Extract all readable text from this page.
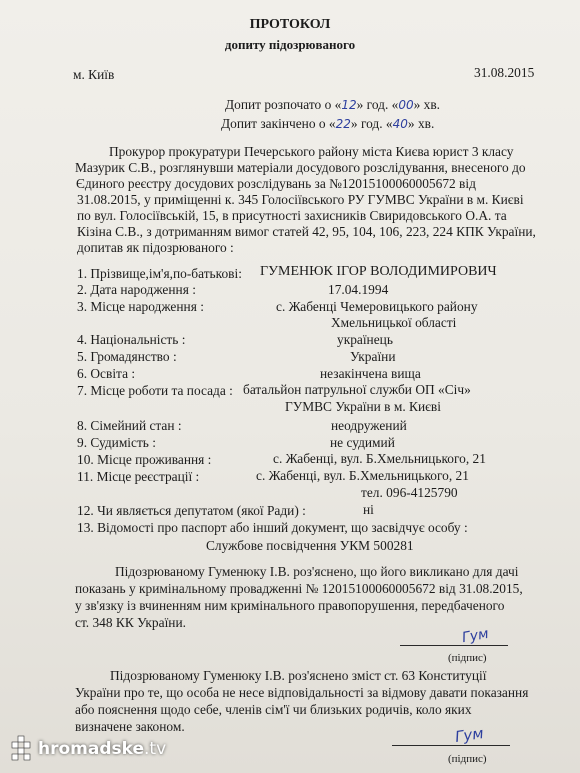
ПРОТОКОЛ
допиту підозрюваного
м. Київ	31.08.2015
Допит розпочато о «12» год. «00» хв.
Допит закінчено о «22» год. «40» хв.
Прокурор прокуратури Печерського району міста Києва юрист 3 класу
Мазурик С.В., розглянувши матеріали досудового розслідування, внесеного до
Єдиного реєстру досудових розслідувань за №12015100060005672 від
31.08.2015, у приміщенні к. 345 Голосіївського РУ ГУМВС України в м. Києві
по вул. Голосіївській, 15, в присутності захисників Свиридовського О.А. та
Кізіна С.В., з дотриманням вимог статей 42, 95, 104, 106, 223, 224 КПК України,
допитав як підозрюваного :
1. Прізвище,ім'я,по-батькові: ГУМЕНЮК ІГОР ВОЛОДИМИРОВИЧ
2. Дата народження :	17.04.1994
3. Місце народження :	с. Жабенці Чемеровицького району
Хмельницької області
4. Національність :	українець
5. Громадянство :	України
6. Освіта :	незакінчена вища
7. Місце роботи та посада : батальйон патрульної служби ОП «Січ»
ГУМВС України в м. Києві
8. Сімейний стан :	неодружений
9. Судимість :	не судимий
10. Місце проживання :	с. Жабенці, вул. Б.Хмельницького, 21
11. Місце реєстрації :	с. Жабенці, вул. Б.Хмельницького, 21
тел. 096-4125790
12. Чи являється депутатом (якої Ради) :	ні
13. Відомості про паспорт або інший документ, що засвідчує особу :
Службове посвідчення УКМ 500281
Підозрюваному Гуменюку І.В. роз'яснено, що його викликано для дачі
показань у кримінальному провадженні № 12015100060005672 від 31.08.2015,
у зв'язку із вчиненням ним кримінального правопорушення, передбаченого
ст. 348 КК України.
Гум
(підпис)
Підозрюваному Гуменюку І.В. роз'яснено зміст ст. 63 Конституції
України про те, що особа не несе відповідальності за відмову давати показання
або пояснення щодо себе, членів сім'ї чи близьких родичів, коло яких
визначене законом.	Гум
(підпис)
hromadske .tv
